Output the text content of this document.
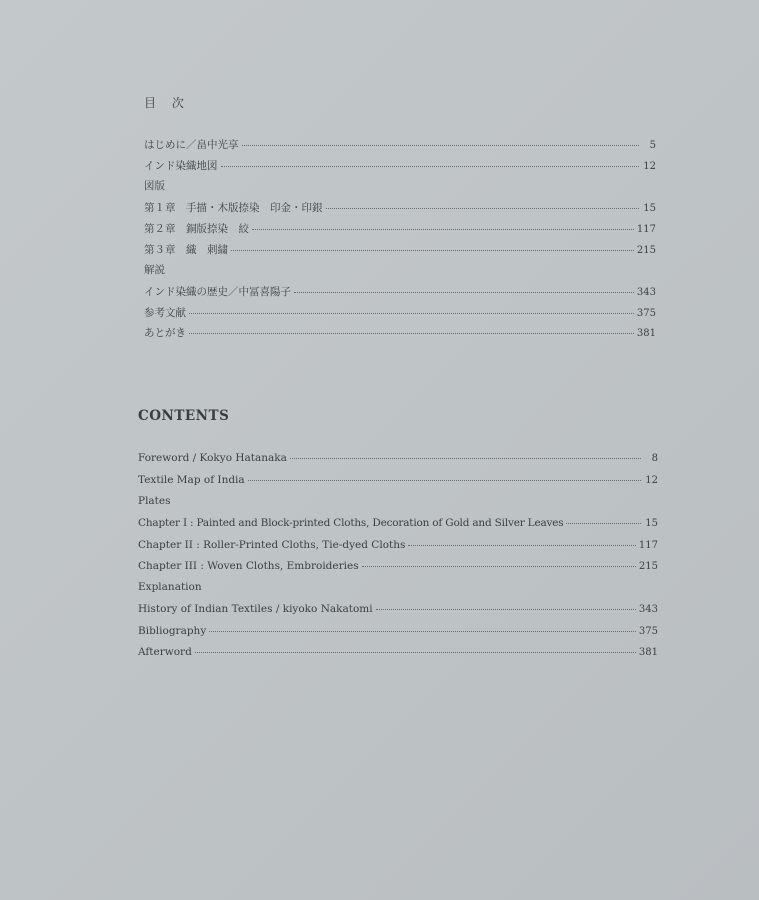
目 次
はじめに／畠中光享	5
インド染織地図	12
図版
第１章　手描・木版捺染　印金・印銀	15
第２章　銅版捺染　絞	117
第３章　織　刺繍	215
解説
インド染織の歴史／中冨喜陽子	343
参考文献	375
あとがき	381
CONTENTS
Foreword / Kokyo Hatanaka	8
Textile Map of India	12
Plates
Chapter I : Painted and Block-printed Cloths, Decoration of Gold and Silver Leaves	15
Chapter II : Roller-Printed Cloths, Tie-dyed Cloths	117
Chapter III : Woven Cloths, Embroideries	215
Explanation
History of Indian Textiles / kiyoko Nakatomi	343
Bibliography	375
Afterword	381
